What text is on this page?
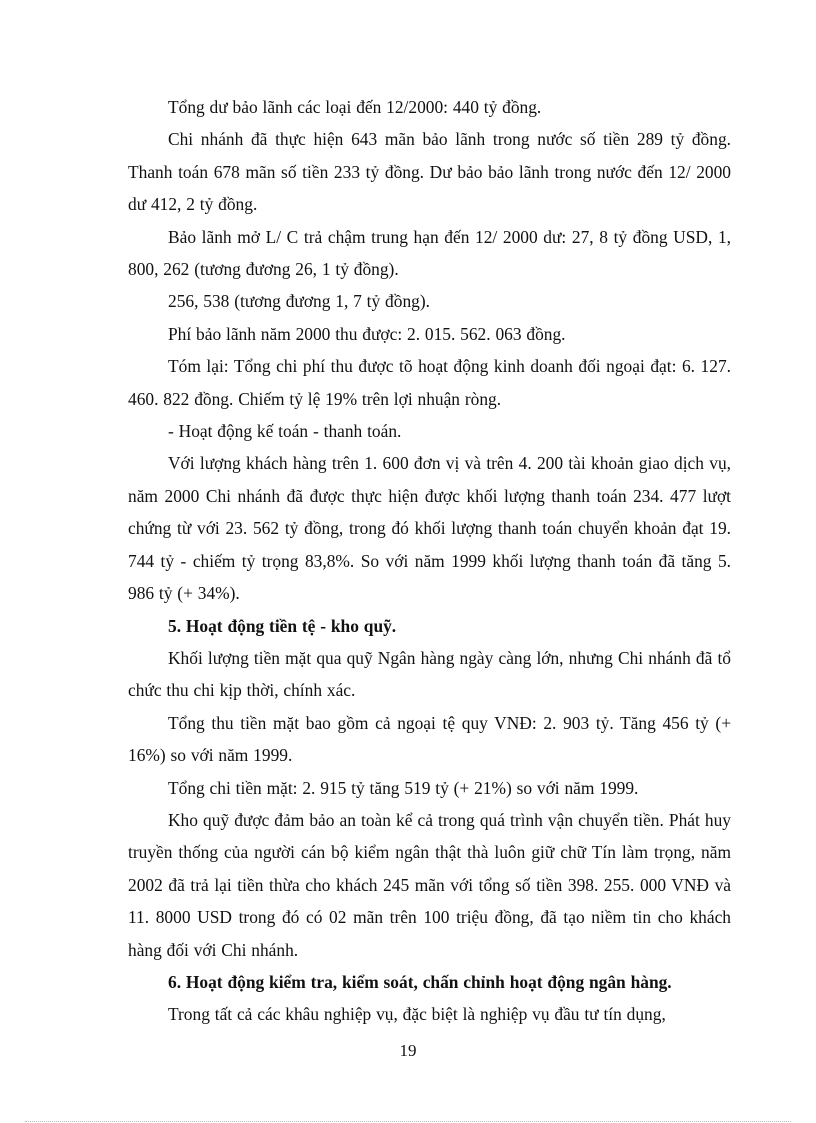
Tổng dư bảo lãnh các loại đến 12/2000: 440 tỷ đồng.

Chi nhánh đã thực hiện 643 mãn bảo lãnh trong nước số tiền 289 tỷ đồng. Thanh toán 678 mãn số tiền 233 tỷ đồng. Dư bảo bảo lãnh trong nước đến 12/ 2000 dư 412, 2 tỷ đồng.

Bảo lãnh mở L/ C trả chậm trung hạn đến 12/ 2000 dư: 27, 8 tỷ đồng USD, 1, 800, 262 (tương đương 26, 1 tỷ đồng).

256, 538 (tương đương 1, 7 tỷ đồng).

Phí bảo lãnh năm 2000 thu được: 2. 015. 562. 063 đồng.

Tóm lại: Tổng chi phí thu được tõ hoạt động kinh doanh đối ngoại đạt: 6. 127. 460. 822 đồng. Chiếm tỷ lệ 19% trên lợi nhuận ròng.

- Hoạt động kế toán - thanh toán.

Với lượng khách hàng trên 1. 600 đơn vị và trên 4. 200 tài khoản giao dịch vụ, năm 2000 Chi nhánh đã được thực hiện được khối lượng thanh toán 234. 477 lượt chứng từ với 23. 562 tỷ đồng, trong đó khối lượng thanh toán chuyển khoản đạt 19. 744 tỷ - chiếm tỷ trọng 83,8%. So với năm 1999 khối lượng thanh toán đã tăng 5. 986 tỷ (+ 34%).

5. Hoạt động tiền tệ - kho quỹ.

Khối lượng tiền mặt qua quỹ Ngân hàng ngày càng lớn, nhưng Chi nhánh đã tổ chức thu chi kịp thời, chính xác.

Tổng thu tiền mặt bao gồm cả ngoại tệ quy VNĐ: 2. 903 tỷ. Tăng 456 tỷ (+ 16%) so với năm 1999.

Tổng chi tiền mặt: 2. 915 tỷ tăng 519 tỷ (+ 21%) so với năm 1999.

Kho quỹ được đảm bảo an toàn kể cả trong quá trình vận chuyển tiền. Phát huy truyền thống của người cán bộ kiểm ngân thật thà luôn giữ chữ Tín làm trọng, năm 2002 đã trả lại tiền thừa cho khách 245 mãn với tổng số tiền 398. 255. 000 VNĐ và 11. 8000 USD trong đó có 02 mãn trên 100 triệu đồng, đã tạo niềm tin cho khách hàng đối với Chi nhánh.

6. Hoạt động kiểm tra, kiểm soát, chấn chỉnh hoạt động ngân hàng.

Trong tất cả các khâu nghiệp vụ, đặc biệt là nghiệp vụ đầu tư tín dụng,

19
